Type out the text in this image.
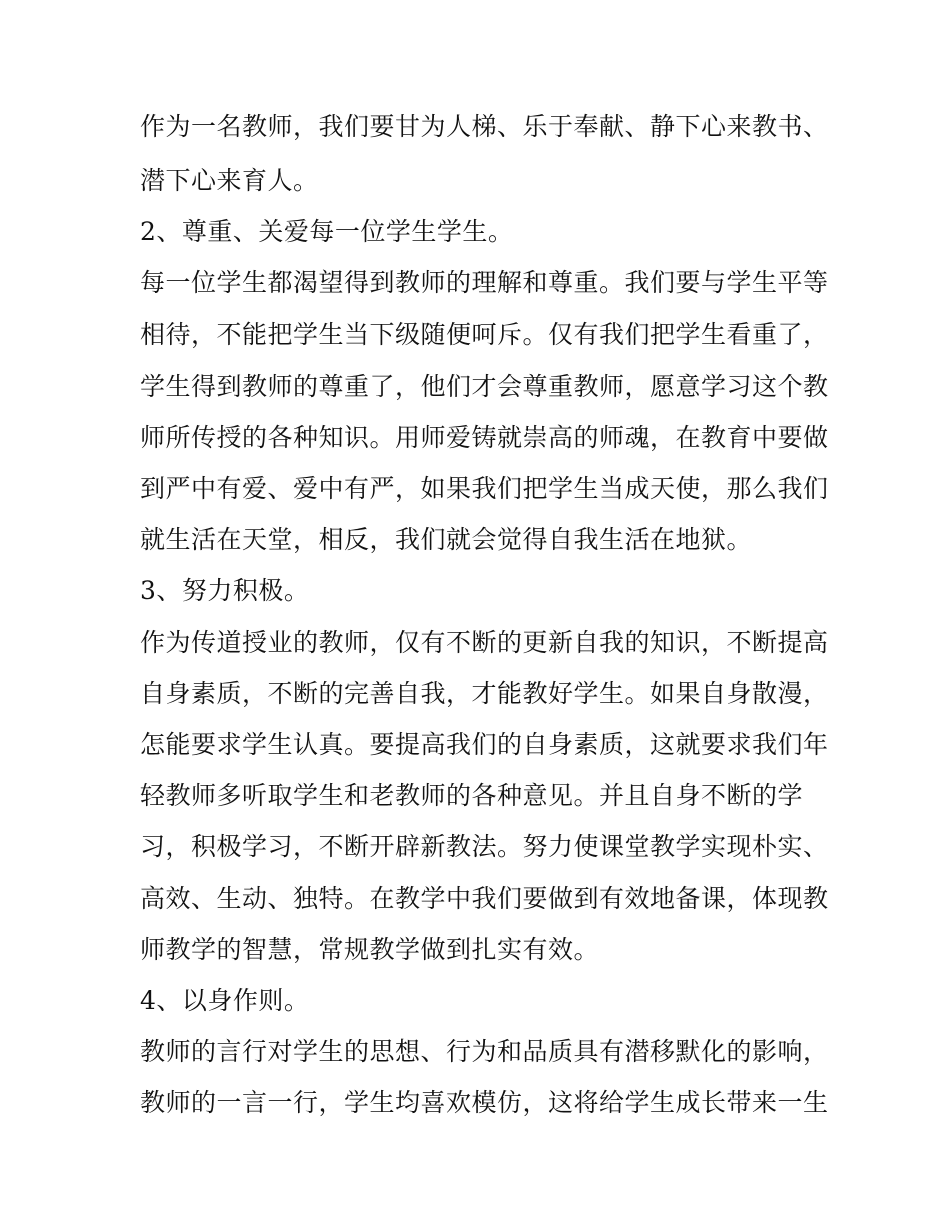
作为一名教师，我们要甘为人梯、乐于奉献、静下心来教书、
潜下心来育人。
2、尊重、关爱每一位学生学生。
每一位学生都渴望得到教师的理解和尊重。我们要与学生平等
相待，不能把学生当下级随便呵斥。仅有我们把学生看重了，
学生得到教师的尊重了，他们才会尊重教师，愿意学习这个教
师所传授的各种知识。用师爱铸就崇高的师魂，在教育中要做
到严中有爱、爱中有严，如果我们把学生当成天使，那么我们
就生活在天堂，相反，我们就会觉得自我生活在地狱。
3、努力积极。
作为传道授业的教师，仅有不断的更新自我的知识，不断提高
自身素质，不断的完善自我，才能教好学生。如果自身散漫，
怎能要求学生认真。要提高我们的自身素质，这就要求我们年
轻教师多听取学生和老教师的各种意见。并且自身不断的学
习，积极学习，不断开辟新教法。努力使课堂教学实现朴实、
高效、生动、独特。在教学中我们要做到有效地备课，体现教
师教学的智慧，常规教学做到扎实有效。
4、以身作则。
教师的言行对学生的思想、行为和品质具有潜移默化的影响，
教师的一言一行，学生均喜欢模仿，这将给学生成长带来一生
